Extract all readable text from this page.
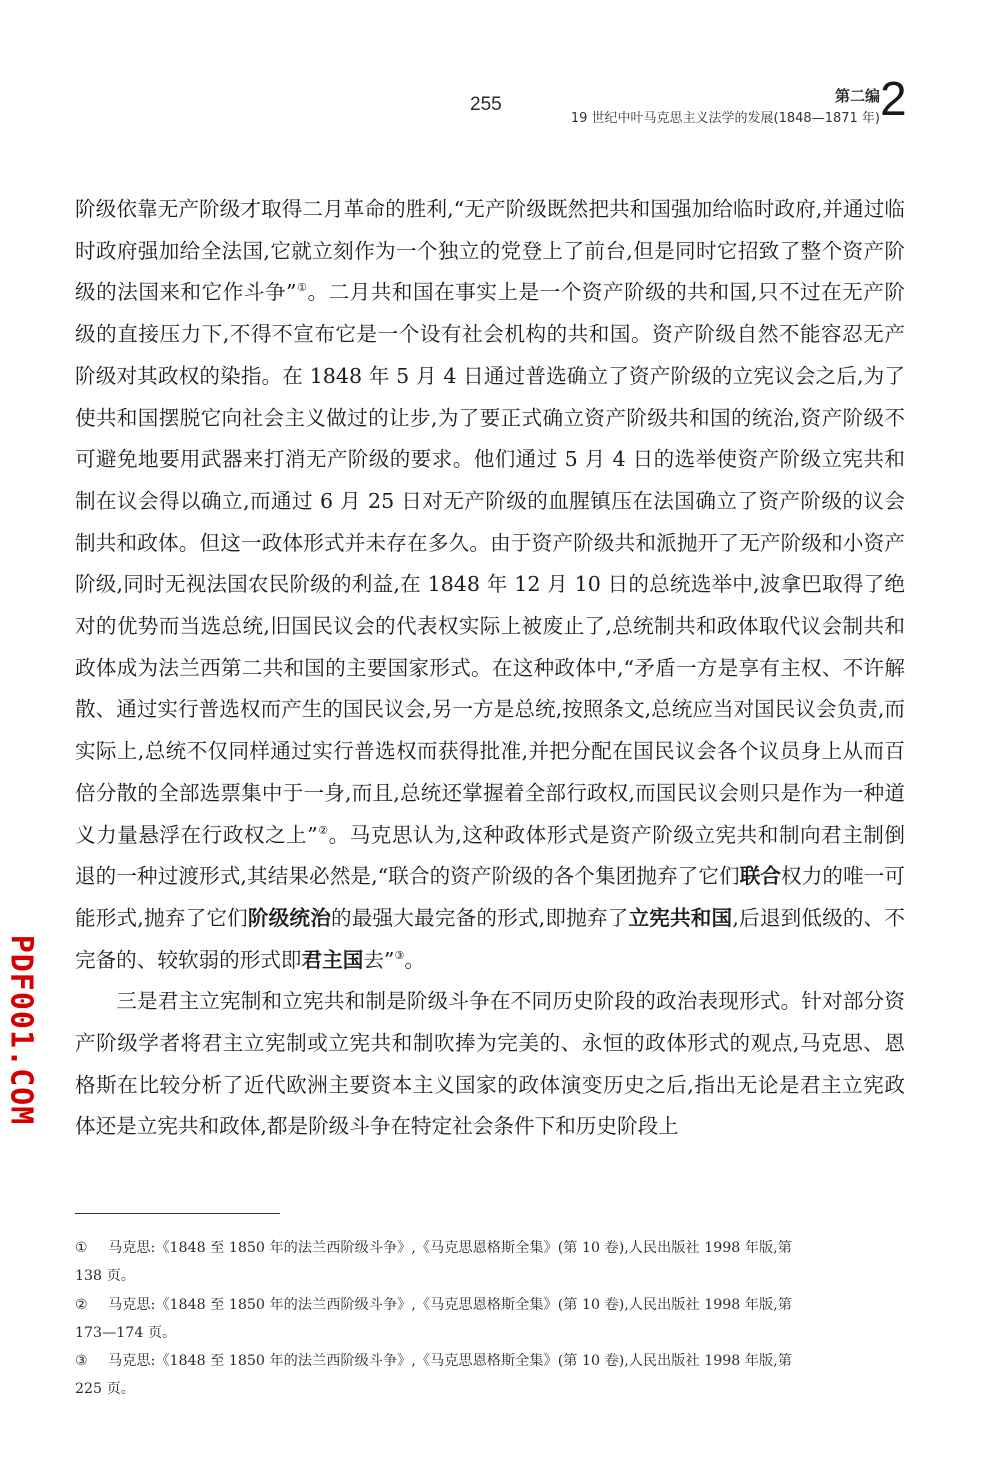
255	第二编
19 世纪中叶马克思主义法学的发展(1848—1871 年) 2

阶级依靠无产阶级才取得二月革命的胜利,“无产阶级既然把共和国强加给临时政府,并通过临时政府强加给全法国,它就立刻作为一个独立的党登上了前台,但是同时它招致了整个资产阶级的法国来和它作斗争”①。二月共和国在事实上是一个资产阶级的共和国,只不过在无产阶级的直接压力下,不得不宣布它是一个设有社会机构的共和国。资产阶级自然不能容忍无产阶级对其政权的染指。在 1848 年 5 月 4 日通过普选确立了资产阶级的立宪议会之后,为了使共和国摆脱它向社会主义做过的让步,为了要正式确立资产阶级共和国的统治,资产阶级不可避免地要用武器来打消无产阶级的要求。他们通过 5 月 4 日的选举使资产阶级立宪共和制在议会得以确立,而通过 6 月 25 日对无产阶级的血腥镇压在法国确立了资产阶级的议会制共和政体。但这一政体形式并未存在多久。由于资产阶级共和派抛开了无产阶级和小资产阶级,同时无视法国农民阶级的利益,在 1848 年 12 月 10 日的总统选举中,波拿巴取得了绝对的优势而当选总统,旧国民议会的代表权实际上被废止了,总统制共和政体取代议会制共和政体成为法兰西第二共和国的主要国家形式。在这种政体中,“矛盾一方是享有主权、不许解散、通过实行普选权而产生的国民议会,另一方是总统,按照条文,总统应当对国民议会负责,而实际上,总统不仅同样通过实行普选权而获得批准,并把分配在国民议会各个议员身上从而百倍分散的全部选票集中于一身,而且,总统还掌握着全部行政权,而国民议会则只是作为一种道义力量悬浮在行政权之上”②。马克思认为,这种政体形式是资产阶级立宪共和制向君主制倒退的一种过渡形式,其结果必然是,“联合的资产阶级的各个集团抛弃了它们联合权力的唯一可能形式,抛弃了它们阶级统治的最强大最完备的形式,即抛弃了立宪共和国,后退到低级的、不完备的、较软弱的形式即君主国去”③。

三是君主立宪制和立宪共和制是阶级斗争在不同历史阶段的政治表现形式。针对部分资产阶级学者将君主立宪制或立宪共和制吹捧为完美的、永恒的政体形式的观点,马克思、恩格斯在比较分析了近代欧洲主要资本主义国家的政体演变历史之后,指出无论是君主立宪政体还是立宪共和政体,都是阶级斗争在特定社会条件下和历史阶段上

① 马克思:《1848 至 1850 年的法兰西阶级斗争》,《马克思恩格斯全集》(第 10 卷),人民出版社 1998 年版,第
138 页。
② 马克思:《1848 至 1850 年的法兰西阶级斗争》,《马克思恩格斯全集》(第 10 卷),人民出版社 1998 年版,第
173—174 页。
③ 马克思:《1848 至 1850 年的法兰西阶级斗争》,《马克思恩格斯全集》(第 10 卷),人民出版社 1998 年版,第
225 页。
PDF001.COM
